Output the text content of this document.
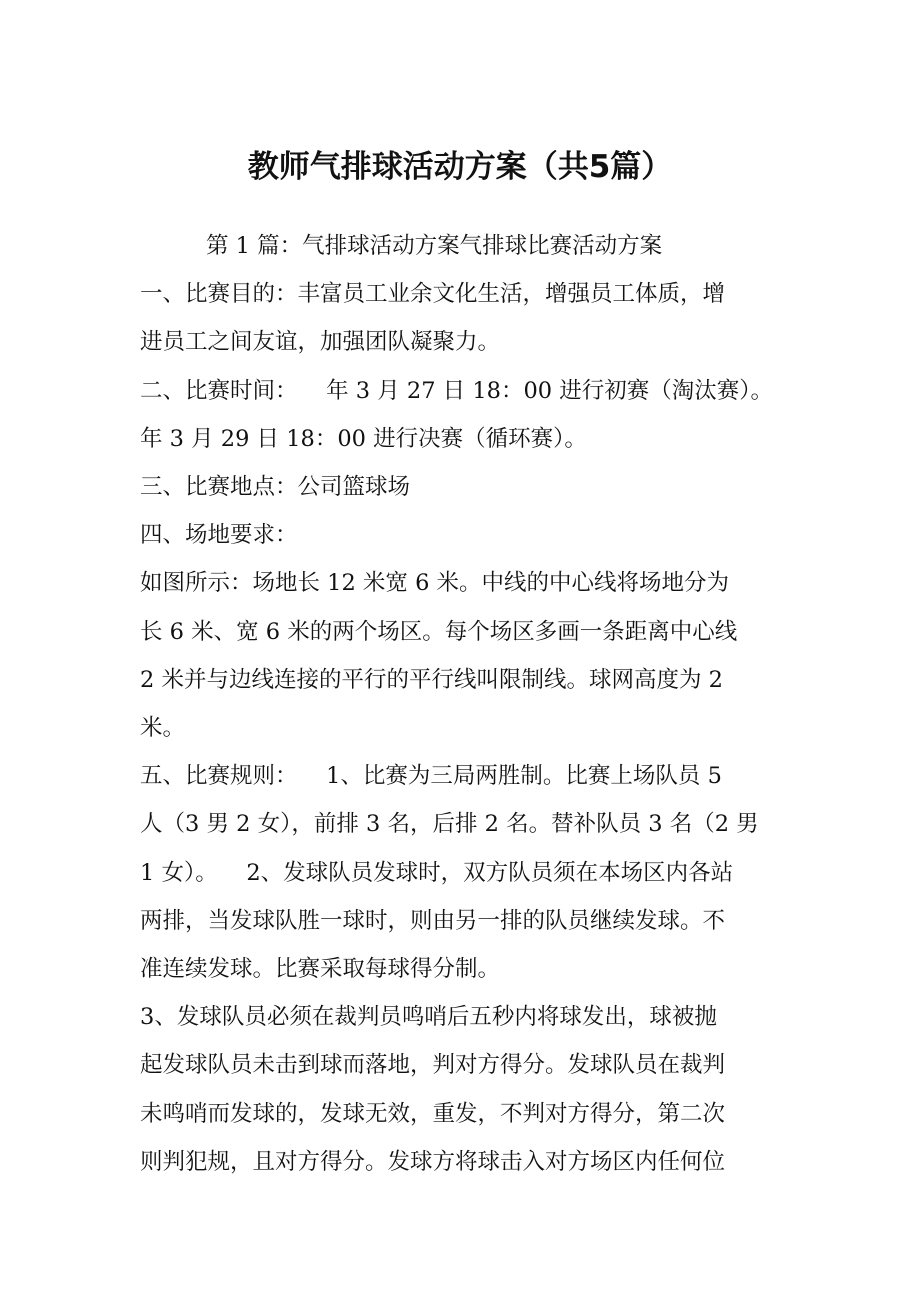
教师气排球活动方案（共5篇）
第 1 篇：气排球活动方案气排球比赛活动方案
一、比赛目的：丰富员工业余文化生活，增强员工体质，增
进员工之间友谊，加强团队凝聚力。
二、比赛时间：    年 3 月 27 日 18：00 进行初赛（淘汰赛）。
年 3 月 29 日 18：00 进行决赛（循环赛）。
三、比赛地点：公司篮球场
四、场地要求：
如图所示：场地长 12 米宽 6 米。中线的中心线将场地分为
长 6 米、宽 6 米的两个场区。每个场区多画一条距离中心线
2 米并与边线连接的平行的平行线叫限制线。球网高度为 2
米。
五、比赛规则：    1、比赛为三局两胜制。比赛上场队员 5
人（3 男 2 女），前排 3 名，后排 2 名。替补队员 3 名（2 男
1 女）。    2、发球队员发球时，双方队员须在本场区内各站
两排，当发球队胜一球时，则由另一排的队员继续发球。不
准连续发球。比赛采取每球得分制。
3、发球队员必须在裁判员鸣哨后五秒内将球发出，球被抛
起发球队员未击到球而落地，判对方得分。发球队员在裁判
未鸣哨而发球的，发球无效，重发，不判对方得分，第二次
则判犯规，且对方得分。发球方将球击入对方场区内任何位
